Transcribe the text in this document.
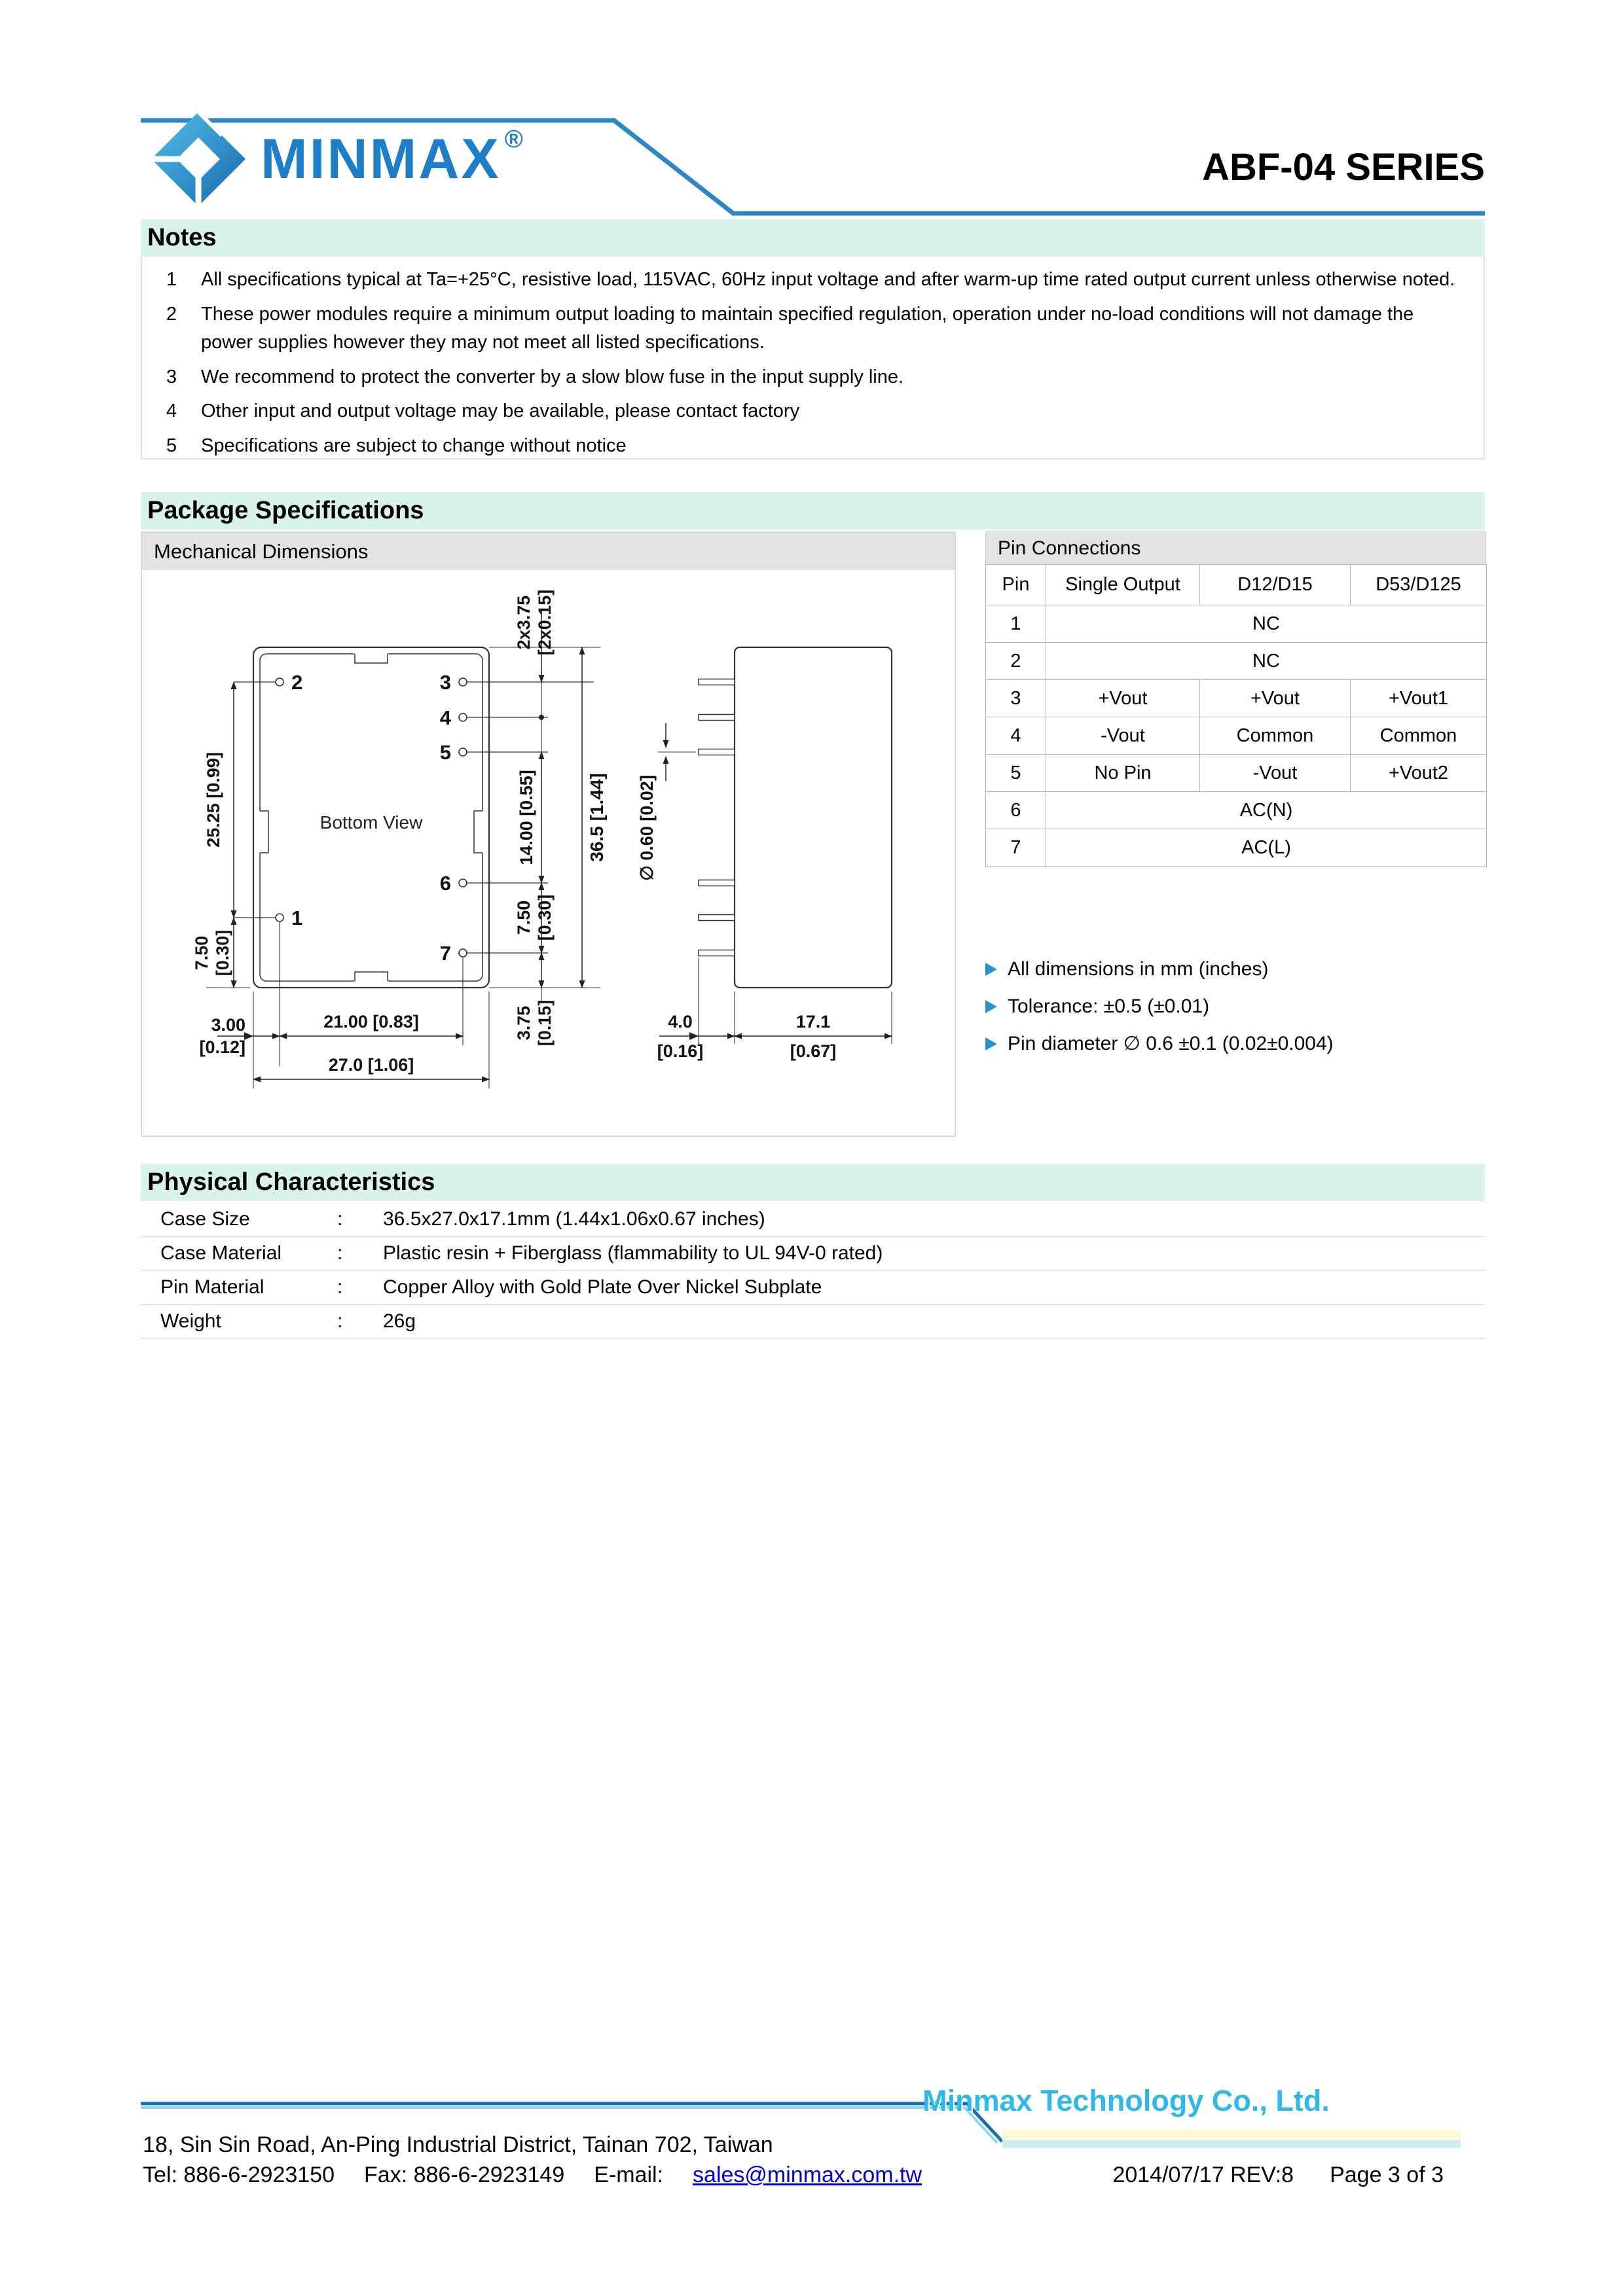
MINMAX ®
ABF-04 SERIES
Notes
1	All specifications typical at Ta=+25°C, resistive load, 115VAC, 60Hz input voltage and after warm-up time rated output current unless otherwise noted.
2	These power modules require a minimum output loading to maintain specified regulation, operation under no-load conditions will not damage the power supplies however they may not meet all listed specifications.
3	We recommend to protect the converter by a slow blow fuse in the input supply line.
4	Other input and output voltage may be available, please contact factory
5	Specifications are subject to change without notice
Package Specifications
Mechanical Dimensions
2
1
3
4
5
6
7
Bottom View
25.25 [0.99]
7.50 [0.30]
2x3.75 [2x0.15]
14.00 [0.55]
7.50 [0.30]
36.5 [1.44]
3.75 [0.15]
3.00
[0.12]
21.00 [0.83]
27.0 [1.06]
∅ 0.60 [0.02]
4.0
[0.16]
17.1
[0.67]
Pin Connections
Pin	Single Output	D12/D15	D53/D125
1	NC		
2	NC		
3	+Vout	+Vout	+Vout1
4	-Vout	Common	Common
5	No Pin	-Vout	+Vout2
6	AC(N)		
7	AC(L)		
All dimensions in mm (inches)
Tolerance: ±0.5 (±0.01)
Pin diameter ∅ 0.6 ±0.1 (0.02±0.004)
Physical Characteristics
Case Size	:	36.5x27.0x17.1mm (1.44x1.06x0.67 inches)
Case Material	:	Plastic resin + Fiberglass (flammability to UL 94V-0 rated)
Pin Material	:	Copper Alloy with Gold Plate Over Nickel Subplate
Weight	:	26g
Minmax Technology Co., Ltd.
18, Sin Sin Road, An-Ping Industrial District, Tainan 702, Taiwan
Tel: 886-6-2923150 Fax: 886-6-2923149 E-mail: sales@minmax.com.tw	2014/07/17 REV:8 Page 3 of 3
